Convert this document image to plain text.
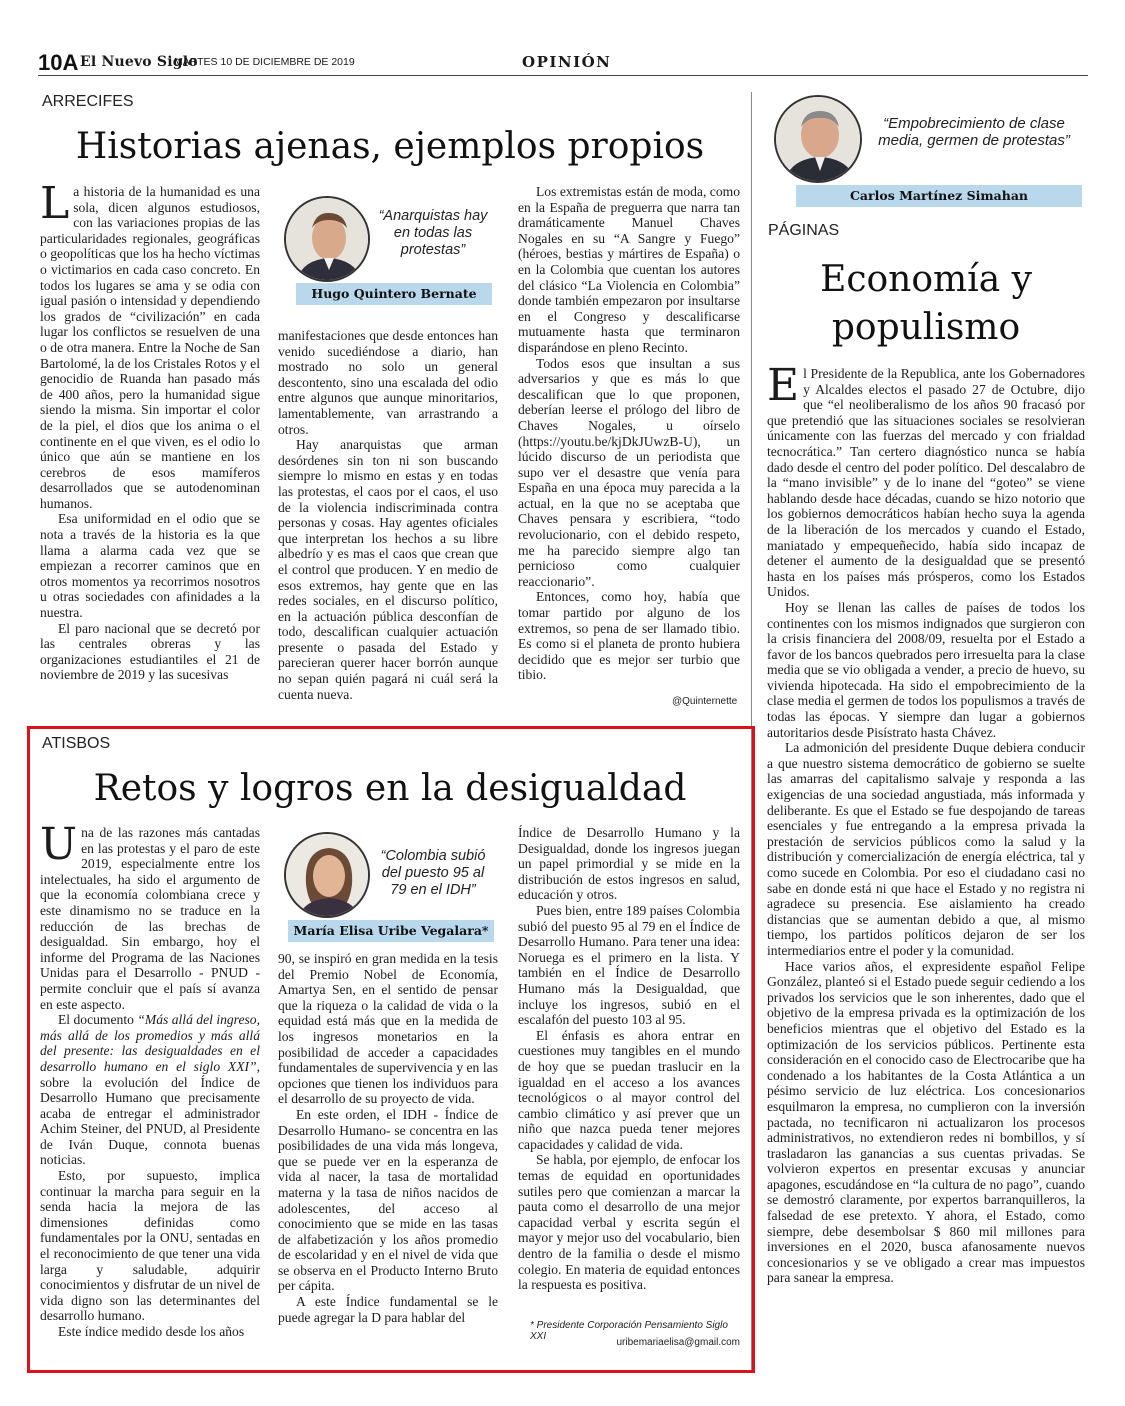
10A El Nuevo Siglo
MARTES 10 DE DICIEMBRE DE 2019	OPINIÓN
ARRECIFES
Historias ajenas, ejemplos propios

La historia de la humanidad es una sola, dicen algunos estudiosos, con las variaciones propias de las particularidades regionales, geográficas o geopolíticas que los ha hecho víctimas o victimarios en cada caso concreto. En todos los lugares se ama y se odia con igual pasión o intensidad y dependiendo los grados de “civilización” en cada lugar los conflictos se resuelven de una o de otra manera. Entre la Noche de San Bartolomé, la de los Cristales Rotos y el genocidio de Ruanda han pasado más de 400 años, pero la humanidad sigue siendo la misma. Sin importar el color de la piel, el dios que los anima o el continente en el que viven, es el odio lo único que aún se mantiene en los cerebros de esos mamíferos desarrollados que se autodenominan humanos.

Esa uniformidad en el odio que se nota a través de la historia es la que llama a alarma cada vez que se empiezan a recorrer caminos que en otros momentos ya recorrimos nosotros u otras sociedades con afinidades a la nuestra.

El paro nacional que se decretó por las centrales obreras y las organizaciones estudiantiles el 21 de noviembre de 2019 y las sucesivas

“Anarquistas hay en todas las protestas”
Hugo Quintero Bernate

manifestaciones que desde entonces han venido sucediéndose a diario, han mostrado no solo un general descontento, sino una escalada del odio entre algunos que aunque minoritarios, lamentablemente, van arrastrando a otros.

Hay anarquistas que arman desórdenes sin ton ni son buscando siempre lo mismo en estas y en todas las protestas, el caos por el caos, el uso de la violencia indiscriminada contra personas y cosas. Hay agentes oficiales que interpretan los hechos a su libre albedrío y es mas el caos que crean que el control que producen. Y en medio de esos extremos, hay gente que en las redes sociales, en el discurso político, en la actuación pública desconfían de todo, descalifican cualquier actuación presente o pasada del Estado y parecieran querer hacer borrón aunque no sepan quién pagará ni cuál será la cuenta nueva.

Los extremistas están de moda, como en la España de preguerra que narra tan dramáticamente Manuel Chaves Nogales en su “A Sangre y Fuego” (héroes, bestias y mártires de España) o en la Colombia que cuentan los autores del clásico “La Violencia en Colombia” donde también empezaron por insultarse en el Congreso y descalificarse mutuamente hasta que terminaron disparándose en pleno Recinto.

Todos esos que insultan a sus adversarios y que es más lo que descalifican que lo que proponen, deberían leerse el prólogo del libro de Chaves Nogales, u oírselo (https://youtu.be/kjDkJUwzB-U), un lúcido discurso de un periodista que supo ver el desastre que venía para España en una época muy parecida a la actual, en la que no se aceptaba que Chaves pensara y escribiera, “todo revolucionario, con el debido respeto, me ha parecido siempre algo tan pernicioso como cualquier reaccionario”.

Entonces, como hoy, había que tomar partido por alguno de los extremos, so pena de ser llamado tibio. Es como si el planeta de pronto hubiera decidido que es mejor ser turbio que tibio.

@Quinternette
ATISBOS
Retos y logros en la desigualdad

Una de las razones más cantadas en las protestas y el paro de este 2019, especialmente entre los intelectuales, ha sido el argumento de que la economía colombiana crece y este dinamismo no se traduce en la reducción de las brechas de desigualdad. Sin embargo, hoy el informe del Programa de las Naciones Unidas para el Desarrollo - PNUD - permite concluir que el país sí avanza en este aspecto.

El documento “Más allá del ingreso, más allá de los promedios y más allá del presente: las desigualdades en el desarrollo humano en el siglo XXI”, sobre la evolución del Índice de Desarrollo Humano que precisamente acaba de entregar el administrador Achim Steiner, del PNUD, al Presidente de Iván Duque, connota buenas noticias.

Esto, por supuesto, implica continuar la marcha para seguir en la senda hacia la mejora de las dimensiones definidas como fundamentales por la ONU, sentadas en el reconocimiento de que tener una vida larga y saludable, adquirir conocimientos y disfrutar de un nivel de vida digno son las determinantes del desarrollo humano.

Este índice medido desde los años

“Colombia subió del puesto 95 al 79 en el IDH”
María Elisa Uribe Vegalara*

90, se inspiró en gran medida en la tesis del Premio Nobel de Economía, Amartya Sen, en el sentido de pensar que la riqueza o la calidad de vida o la equidad está más que en la medida de los ingresos monetarios en la posibilidad de acceder a capacidades fundamentales de supervivencia y en las opciones que tienen los individuos para el desarrollo de su proyecto de vida.

En este orden, el IDH - Índice de Desarrollo Humano- se concentra en las posibilidades de una vida más longeva, que se puede ver en la esperanza de vida al nacer, la tasa de mortalidad materna y la tasa de niños nacidos de adolescentes, del acceso al conocimiento que se mide en las tasas de alfabetización y los años promedio de escolaridad y en el nivel de vida que se observa en el Producto Interno Bruto per cápita.

A este Índice fundamental se le puede agregar la D para hablar del

Índice de Desarrollo Humano y la Desigualdad, donde los ingresos juegan un papel primordial y se mide en la distribución de estos ingresos en salud, educación y otros.

Pues bien, entre 189 países Colombia subió del puesto 95 al 79 en el Índice de Desarrollo Humano. Para tener una idea: Noruega es el primero en la lista. Y también en el Índice de Desarrollo Humano más la Desigualdad, que incluye los ingresos, subió en el escalafón del puesto 103 al 95.

El énfasis es ahora entrar en cuestiones muy tangibles en el mundo de hoy que se puedan traslucir en la igualdad en el acceso a los avances tecnológicos o al mayor control del cambio climático y así prever que un niño que nazca pueda tener mejores capacidades y calidad de vida.

Se habla, por ejemplo, de enfocar los temas de equidad en oportunidades sutiles pero que comienzan a marcar la pauta como el desarrollo de una mejor capacidad verbal y escrita según el mayor y mejor uso del vocabulario, bien dentro de la familia o desde el mismo colegio. En materia de equidad entonces la respuesta es positiva.

* Presidente Corporación Pensamiento Siglo XXI
uribemariaelisa@gmail.com
“Empobrecimiento de clase media, germen de protestas”
Carlos Martínez Simahan
PÁGINAS
Economía y populismo

El Presidente de la Republica, ante los Gobernadores y Alcaldes electos el pasado 27 de Octubre, dijo que “el neoliberalismo de los años 90 fracasó por que pretendió que las situaciones sociales se resolvieran únicamente con las fuerzas del mercado y con frialdad tecnocrática.” Tan certero diagnóstico nunca se había dado desde el centro del poder político. Del descalabro de la “mano invisible” y de lo inane del “goteo” se viene hablando desde hace décadas, cuando se hizo notorio que los gobiernos democráticos habían hecho suya la agenda de la liberación de los mercados y cuando el Estado, maniatado y empequeñecido, había sido incapaz de detener el aumento de la desigualdad que se presentó hasta en los países más prósperos, como los Estados Unidos.

Hoy se llenan las calles de países de todos los continentes con los mismos indignados que surgieron con la crisis financiera del 2008/09, resuelta por el Estado a favor de los bancos quebrados pero irresuelta para la clase media que se vio obligada a vender, a precio de huevo, su vivienda hipotecada. Ha sido el empobrecimiento de la clase media el germen de todos los populismos a través de todas las épocas. Y siempre dan lugar a gobiernos autoritarios desde Pisístrato hasta Chávez.

La admonición del presidente Duque debiera conducir a que nuestro sistema democrático de gobierno se suelte las amarras del capitalismo salvaje y responda a las exigencias de una sociedad angustiada, más informada y deliberante. Es que el Estado se fue despojando de tareas esenciales y fue entregando a la empresa privada la prestación de servicios públicos como la salud y la distribución y comercialización de energía eléctrica, tal y como sucede en Colombia. Por eso el ciudadano casi no sabe en donde está ni que hace el Estado y no registra ni agradece su presencia. Ese aislamiento ha creado distancias que se aumentan debido a que, al mismo tiempo, los partidos políticos dejaron de ser los intermediarios entre el poder y la comunidad.

Hace varios años, el expresidente español Felipe González, planteó si el Estado puede seguir cediendo a los privados los servicios que le son inherentes, dado que el objetivo de la empresa privada es la optimización de los beneficios mientras que el objetivo del Estado es la optimización de los servicios públicos. Pertinente esta consideración en el conocido caso de Electrocaribe que ha condenado a los habitantes de la Costa Atlántica a un pésimo servicio de luz eléctrica. Los concesionarios esquilmaron la empresa, no cumplieron con la inversión pactada, no tecnificaron ni actualizaron los procesos administrativos, no extendieron redes ni bombillos, y sí trasladaron las ganancias a sus cuentas privadas. Se volvieron expertos en presentar excusas y anunciar apagones, escudándose en “la cultura de no pago”, cuando se demostró claramente, por expertos barranquilleros, la falsedad de ese pretexto. Y ahora, el Estado, como siempre, debe desembolsar $ 860 mil millones para inversiones en el 2020, busca afanosamente nuevos concesionarios y se ve obligado a crear mas impuestos para sanear la empresa.
